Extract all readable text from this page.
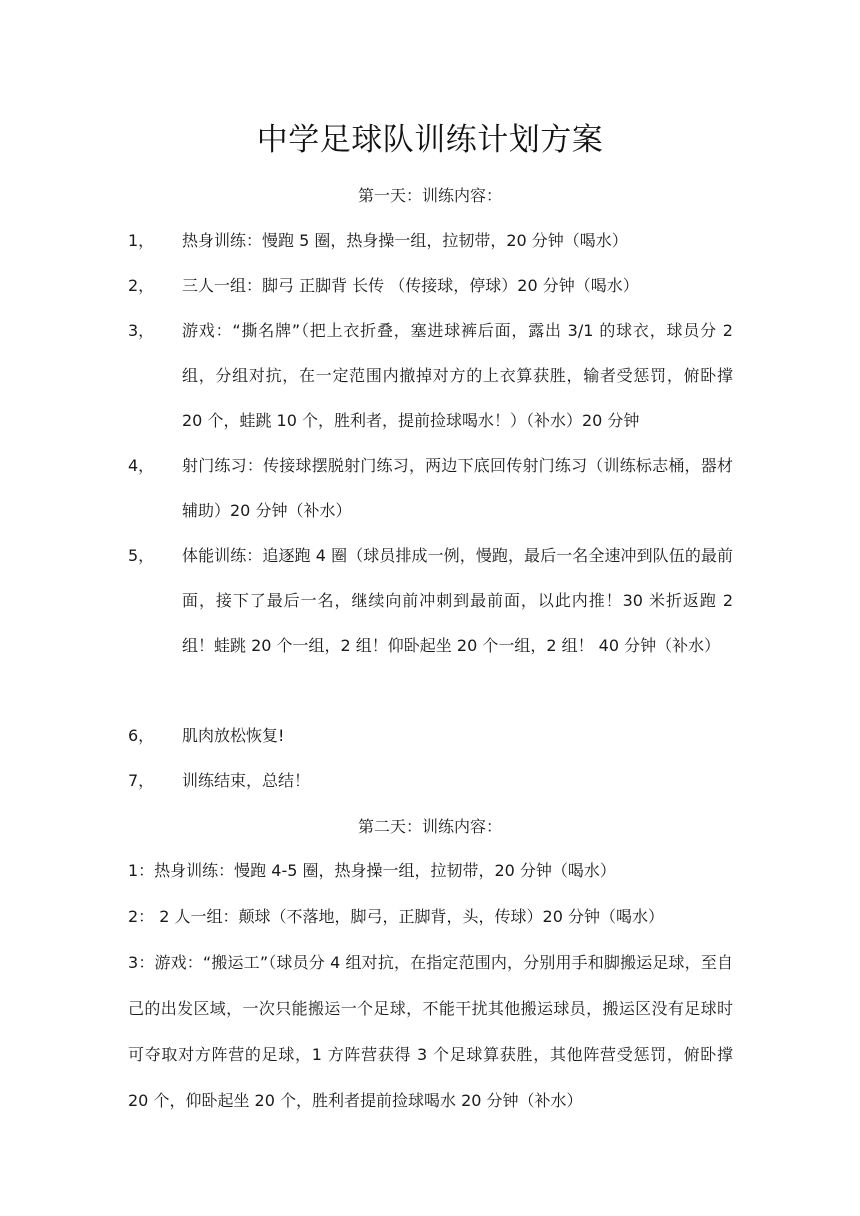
中学足球队训练计划方案
第一天：训练内容：
1，	热身训练：慢跑 5 圈，热身操一组，拉韧带，20 分钟（喝水）
2，	三人一组：脚弓 正脚背 长传 （传接球，停球）20 分钟（喝水）
3，	游戏：“撕名牌”（把上衣折叠，塞进球裤后面，露出 3/1 的球衣，球员分 2 组，分组对抗，在一定范围内撤掉对方的上衣算获胜，输者受惩罚，俯卧撑 20 个，蛙跳 10 个，胜利者，提前捡球喝水！）（补水）20 分钟
4，	射门练习：传接球摆脱射门练习，两边下底回传射门练习（训练标志桶，器材辅助）20 分钟（补水）
5，	体能训练：追逐跑 4 圈（球员排成一例，慢跑，最后一名全速冲到队伍的最前面，接下了最后一名，继续向前冲刺到最前面，以此内推！30 米折返跑 2 组！蛙跳 20 个一组，2 组！仰卧起坐 20 个一组，2 组！ 40 分钟（补水）
6，	肌肉放松恢复!
7，	训练结束，总结！
第二天：训练内容：
1：热身训练：慢跑 4-5 圈，热身操一组，拉韧带，20 分钟（喝水）
2： 2 人一组：颠球（不落地，脚弓，正脚背，头，传球）20 分钟（喝水）
3：游戏：“搬运工”（球员分 4 组对抗，在指定范围内，分别用手和脚搬运足球，至自己的出发区域，一次只能搬运一个足球，不能干扰其他搬运球员，搬运区没有足球时可夺取对方阵营的足球，1 方阵营获得 3 个足球算获胜，其他阵营受惩罚，俯卧撑 20 个，仰卧起坐 20 个，胜利者提前捡球喝水 20 分钟（补水）
